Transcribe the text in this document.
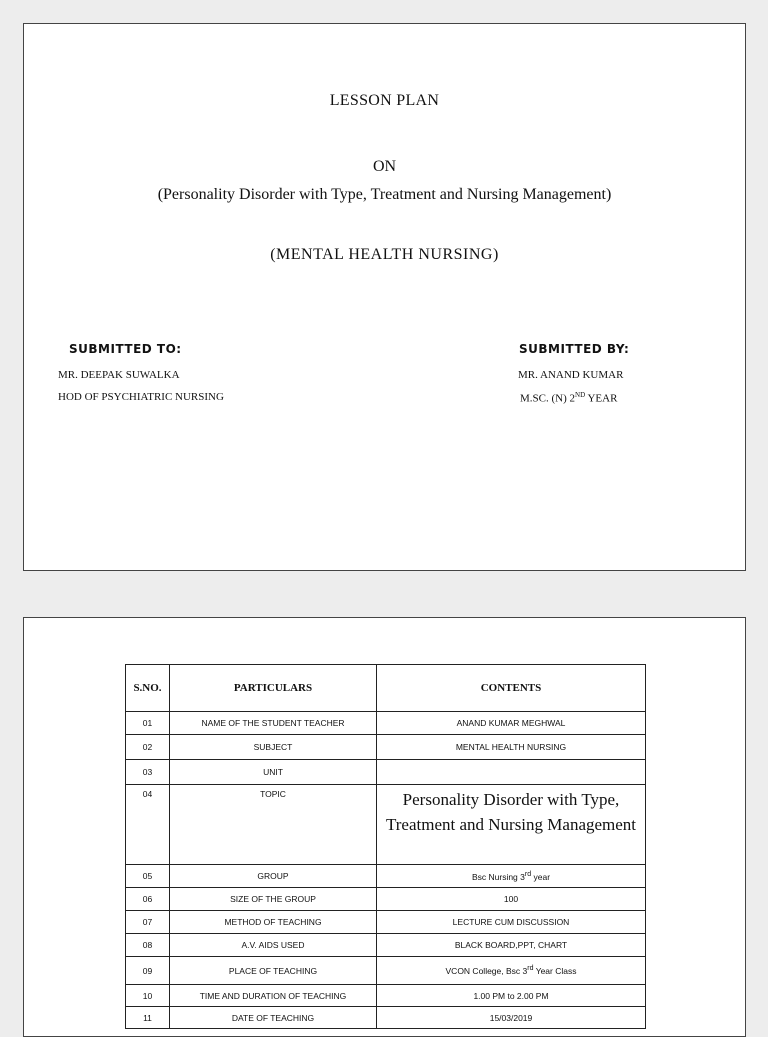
LESSON PLAN
ON
(Personality Disorder with Type, Treatment and Nursing Management)
(MENTAL HEALTH NURSING)
SUBMITTED TO:
MR. DEEPAK SUWALKA
HOD OF PSYCHIATRIC NURSING
SUBMITTED BY:
MR. ANAND KUMAR
M.SC. (N) 2ND YEAR
S.NO.	PARTICULARS	CONTENTS
01	NAME OF THE STUDENT TEACHER	ANAND KUMAR MEGHWAL
02	SUBJECT	MENTAL HEALTH NURSING
03	UNIT	
04	TOPIC	Personality Disorder with Type, Treatment and Nursing Management
05	GROUP	Bsc Nursing 3rd year
06	SIZE OF THE GROUP	100
07	METHOD OF TEACHING	LECTURE CUM DISCUSSION
08	A.V. AIDS USED	BLACK BOARD,PPT, CHART
09	PLACE OF TEACHING	VCON College, Bsc 3rd Year Class
10	TIME AND DURATION OF TEACHING	1.00 PM to 2.00 PM
11	DATE OF TEACHING	15/03/2019
